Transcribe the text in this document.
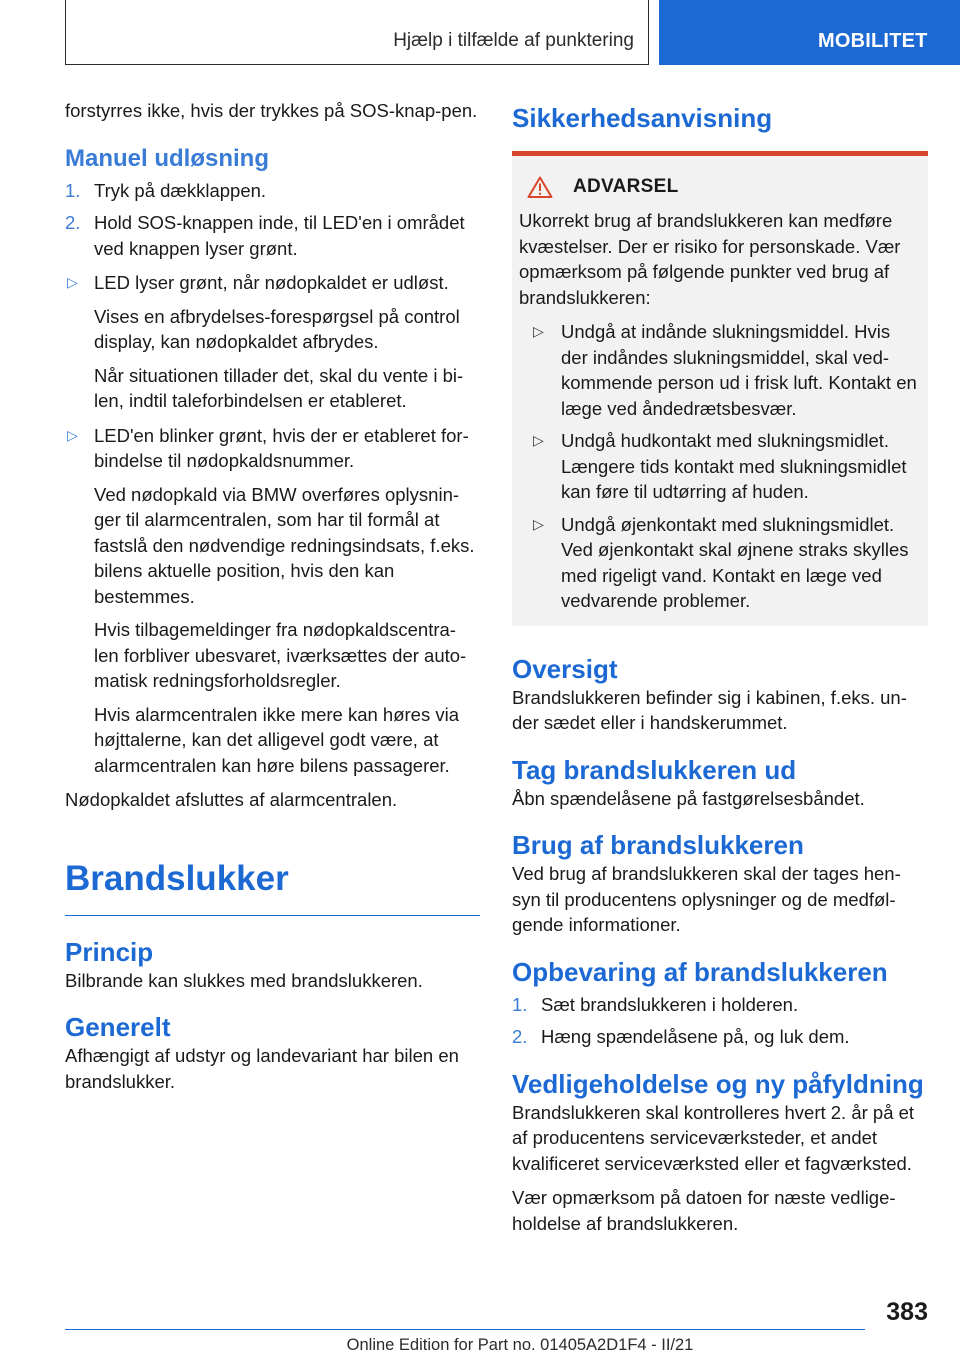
Hjælp i tilfælde af punktering	MOBILITET

forstyrres ikke, hvis der trykkes på SOS-knap-pen.

Manuel udløsning
1. Tryk på dækklappen.
2. Hold SOS-knappen inde, til LED'en i området ved knappen lyser grønt.
▷ LED lyser grønt, når nødopkaldet er udløst.
Vises en afbrydelses-forespørgsel på control display, kan nødopkaldet afbrydes.
Når situationen tillader det, skal du vente i bi-len, indtil taleforbindelsen er etableret.
▷ LED'en blinker grønt, hvis der er etableret for-bindelse til nødopkaldsnummer.
Ved nødopkald via BMW overføres oplysnin-ger til alarmcentralen, som har til formål at fastslå den nødvendige redningsindsats, f.eks. bilens aktuelle position, hvis den kan bestemmes.
Hvis tilbagemeldinger fra nødopkaldscentra-len forbliver ubesvaret, iværksættes der auto-matisk redningsforholdsregler.
Hvis alarmcentralen ikke mere kan høres via højttalerne, kan det alligevel godt være, at alarmcentralen kan høre bilens passagerer.

Nødopkaldet afsluttes af alarmcentralen.

Brandslukker
Princip

Bilbrande kan slukkes med brandslukkeren.

Generelt

Afhængigt af udstyr og landevariant har bilen en brandslukker.

Sikkerhedsanvisning
ADVARSEL

Ukorrekt brug af brandslukkeren kan medføre kvæstelser. Der er risiko for personskade. Vær opmærksom på følgende punkter ved brug af brandslukkeren:

▷ Undgå at indånde slukningsmiddel. Hvis der indåndes slukningsmiddel, skal ved-kommende person ud i frisk luft. Kontakt en læge ved åndedrætsbesvær.
▷ Undgå hudkontakt med slukningsmidlet. Længere tids kontakt med slukningsmidlet kan føre til udtørring af huden.
▷ Undgå øjenkontakt med slukningsmidlet. Ved øjenkontakt skal øjnene straks skylles med rigeligt vand. Kontakt en læge ved vedvarende problemer.
Oversigt

Brandslukkeren befinder sig i kabinen, f.eks. un-der sædet eller i handskerummet.

Tag brandslukkeren ud

Åbn spændelåsene på fastgørelsesbåndet.

Brug af brandslukkeren

Ved brug af brandslukkeren skal der tages hen-syn til producentens oplysninger og de medføl-gende informationer.

Opbevaring af brandslukkeren
1. Sæt brandslukkeren i holderen.
2. Hæng spændelåsene på, og luk dem.
Vedligeholdelse og ny påfyldning

Brandslukkeren skal kontrolleres hvert 2. år på et af producentens serviceværksteder, et andet kvalificeret serviceværksted eller et fagværksted.

Vær opmærksom på datoen for næste vedlige-holdelse af brandslukkeren.

383
Online Edition for Part no. 01405A2D1F4 - II/21
